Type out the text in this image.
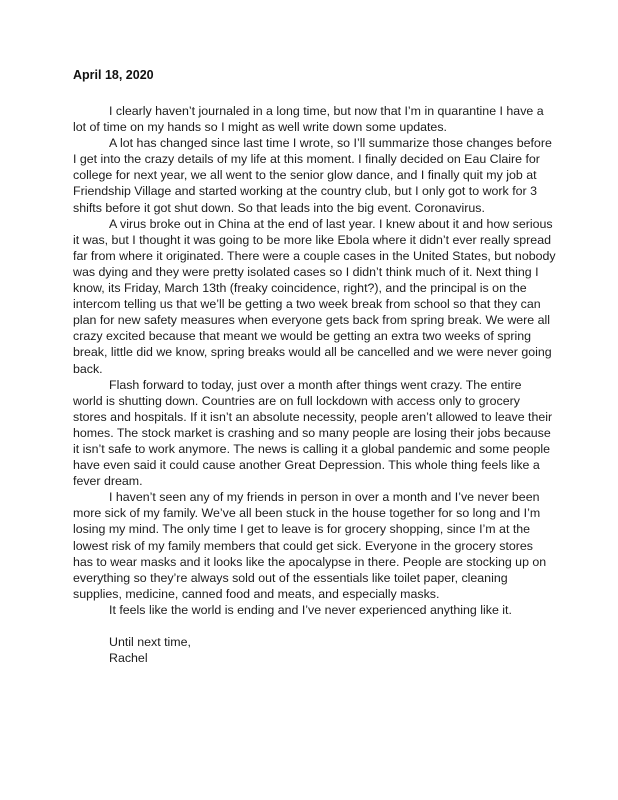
April 18, 2020
I clearly haven’t journaled in a long time, but now that I’m in quarantine I have a
lot of time on my hands so I might as well write down some updates.
A lot has changed since last time I wrote, so I’ll summarize those changes before
I get into the crazy details of my life at this moment. I finally decided on Eau Claire for
college for next year, we all went to the senior glow dance, and I finally quit my job at
Friendship Village and started working at the country club, but I only got to work for 3
shifts before it got shut down. So that leads into the big event. Coronavirus.
A virus broke out in China at the end of last year. I knew about it and how serious
it was, but I thought it was going to be more like Ebola where it didn’t ever really spread
far from where it originated. There were a couple cases in the United States, but nobody
was dying and they were pretty isolated cases so I didn’t think much of it. Next thing I
know, its Friday, March 13th (freaky coincidence, right?), and the principal is on the
intercom telling us that we’ll be getting a two week break from school so that they can
plan for new safety measures when everyone gets back from spring break. We were all
crazy excited because that meant we would be getting an extra two weeks of spring
break, little did we know, spring breaks would all be cancelled and we were never going
back.
Flash forward to today, just over a month after things went crazy. The entire
world is shutting down. Countries are on full lockdown with access only to grocery
stores and hospitals. If it isn’t an absolute necessity, people aren’t allowed to leave their
homes. The stock market is crashing and so many people are losing their jobs because
it isn’t safe to work anymore. The news is calling it a global pandemic and some people
have even said it could cause another Great Depression. This whole thing feels like a
fever dream.
I haven’t seen any of my friends in person in over a month and I’ve never been
more sick of my family. We’ve all been stuck in the house together for so long and I’m
losing my mind. The only time I get to leave is for grocery shopping, since I’m at the
lowest risk of my family members that could get sick. Everyone in the grocery stores
has to wear masks and it looks like the apocalypse in there. People are stocking up on
everything so they’re always sold out of the essentials like toilet paper, cleaning
supplies, medicine, canned food and meats, and especially masks.
It feels like the world is ending and I’ve never experienced anything like it.
Until next time,
Rachel
